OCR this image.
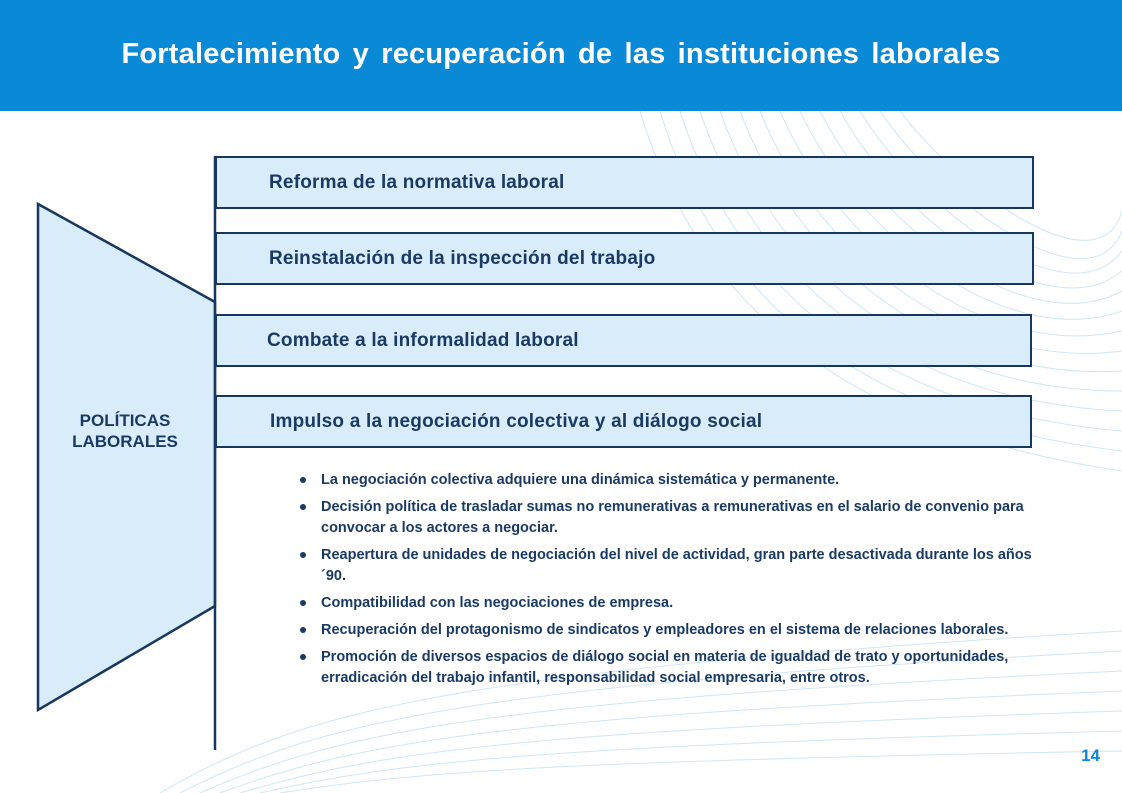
Fortalecimiento y recuperación de las instituciones laborales
POLÍTICAS
LABORALES
Reforma de la normativa laboral
Reinstalación de la inspección del trabajo
Combate a la informalidad laboral
Impulso a la negociación colectiva y al diálogo social
La negociación colectiva adquiere una dinámica sistemática y permanente.
Decisión política de trasladar sumas no remunerativas a remunerativas en el salario de convenio para convocar a los actores a negociar.
Reapertura de unidades de negociación del nivel de actividad, gran parte desactivada durante los años ´90.
Compatibilidad con las negociaciones de empresa.
Recuperación del protagonismo de sindicatos y empleadores en el sistema de relaciones laborales.
Promoción de diversos espacios de diálogo social en materia de igualdad de trato y oportunidades, erradicación del trabajo infantil, responsabilidad social empresaria, entre otros.
14
